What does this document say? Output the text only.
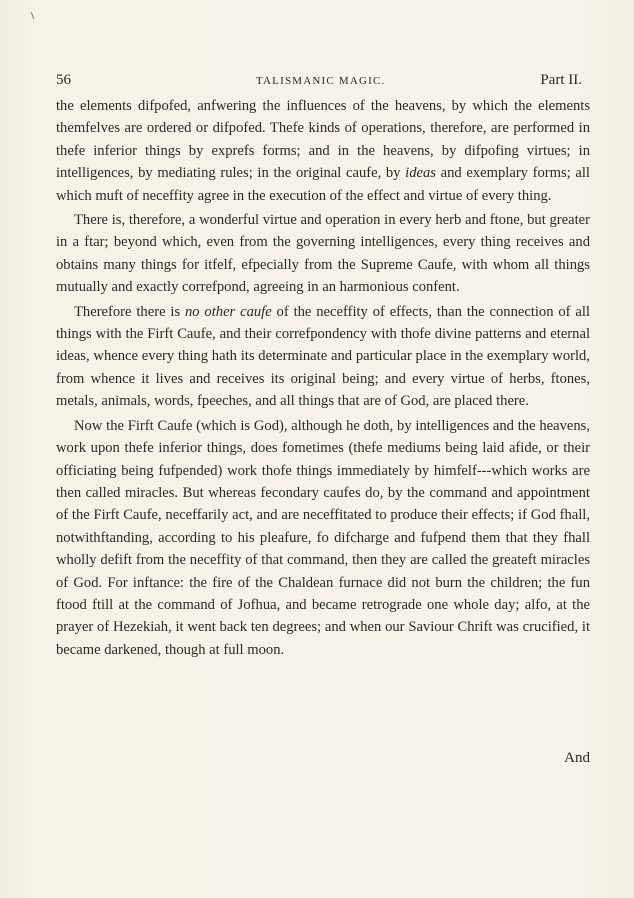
56	TALISMANIC MAGIC.	Part II.

the elements difpofed, anfwering the influences of the heavens, by which the elements themfelves are ordered or difpofed. Thefe kinds of operations, therefore, are performed in thefe inferior things by exprefs forms; and in the heavens, by difpofing virtues; in intelligences, by mediating rules; in the original caufe, by ideas and exemplary forms; all which muft of neceffity agree in the execution of the effect and virtue of every thing.

There is, therefore, a wonderful virtue and operation in every herb and ftone, but greater in a ftar; beyond which, even from the governing intelligences, every thing receives and obtains many things for itfelf, efpecially from the Supreme Caufe, with whom all things mutually and exactly correfpond, agreeing in an harmonious confent.

Therefore there is no other caufe of the neceffity of effects, than the connection of all things with the Firft Caufe, and their correfpondency with thofe divine patterns and eternal ideas, whence every thing hath its determinate and particular place in the exemplary world, from whence it lives and receives its original being; and every virtue of herbs, ftones, metals, animals, words, fpeeches, and all things that are of God, are placed there.

Now the Firft Caufe (which is God), although he doth, by intelligences and the heavens, work upon thefe inferior things, does fometimes (thefe mediums being laid afide, or their officiating being fufpended) work thofe things immediately by himfelf---which works are then called miracles. But whereas fecondary caufes do, by the command and appointment of the Firft Caufe, neceffarily act, and are neceffitated to produce their effects; if God fhall, notwithftanding, according to his pleafure, fo difcharge and fufpend them that they fhall wholly defift from the neceffity of that command, then they are called the greateft miracles of God. For inftance: the fire of the Chaldean furnace did not burn the children; the fun ftood ftill at the command of Jofhua, and became retrograde one whole day; alfo, at the prayer of Hezekiah, it went back ten degrees; and when our Saviour Chrift was crucified, it became darkened, though at full moon.

And
